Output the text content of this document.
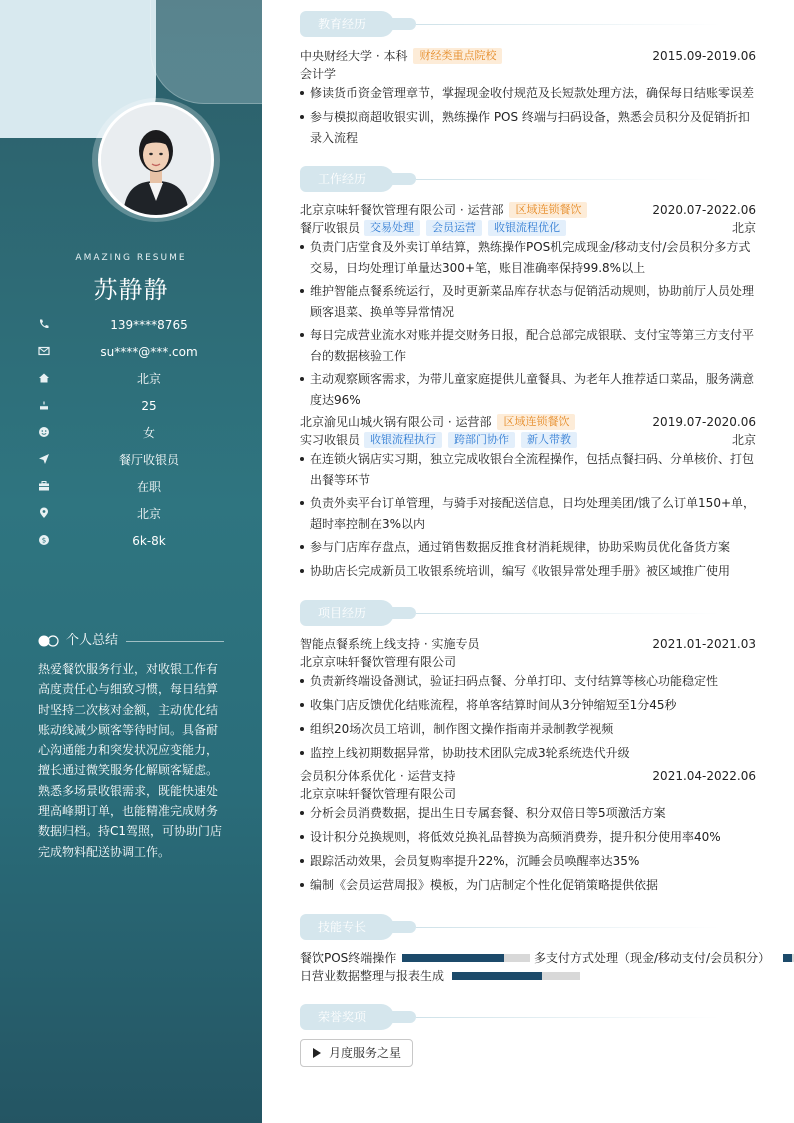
AMAZING RESUME
苏静静
139****8765
su****@***.com
北京
25
女
餐厅收银员
在职
北京
$	6k-8k
个人总结
热爱餐饮服务行业，对收银工作有
高度责任心与细致习惯，每日结算
时坚持二次核对金额，主动优化结
账动线减少顾客等待时间。具备耐
心沟通能力和突发状况应变能力，
擅长通过微笑服务化解顾客疑虑。
熟悉多场景收银需求，既能快速处
理高峰期订单，也能精准完成财务
数据归档。持C1驾照，可协助门店
完成物料配送协调工作。
教育经历
中央财经大学 · 本科 财经类重点院校	2015.09-2019.06
会计学
修读货币资金管理章节，掌握现金收付规范及长短款处理方法，确保每日结账零误差
参与模拟商超收银实训，熟练操作 POS 终端与扫码设备，熟悉会员积分及促销折扣
录入流程
工作经历
北京京味轩餐饮管理有限公司 · 运营部 区域连锁餐饮	2020.07-2022.06
餐厅收银员 交易处理 会员运营 收银流程优化	北京
负责门店堂食及外卖订单结算，熟练操作POS机完成现金/移动支付/会员积分多方式
交易，日均处理订单量达300+笔，账目准确率保持99.8%以上
维护智能点餐系统运行，及时更新菜品库存状态与促销活动规则，协助前厅人员处理
顾客退菜、换单等异常情况
每日完成营业流水对账并提交财务日报，配合总部完成银联、支付宝等第三方支付平
台的数据核验工作
主动观察顾客需求，为带儿童家庭提供儿童餐具、为老年人推荐适口菜品，服务满意
度达96%
北京渝见山城火锅有限公司 · 运营部 区域连锁餐饮	2019.07-2020.06
实习收银员 收银流程执行 跨部门协作 新人带教	北京
在连锁火锅店实习期，独立完成收银台全流程操作，包括点餐扫码、分单核价、打包
出餐等环节
负责外卖平台订单管理，与骑手对接配送信息，日均处理美团/饿了么订单150+单，
超时率控制在3%以内
参与门店库存盘点，通过销售数据反推食材消耗规律，协助采购员优化备货方案
协助店长完成新员工收银系统培训，编写《收银异常处理手册》被区域推广使用
项目经历
智能点餐系统上线支持 · 实施专员	2021.01-2021.03
北京京味轩餐饮管理有限公司
负责新终端设备测试，验证扫码点餐、分单打印、支付结算等核心功能稳定性
收集门店反馈优化结账流程，将单客结算时间从3分钟缩短至1分45秒
组织20场次员工培训，制作图文操作指南并录制教学视频
监控上线初期数据异常，协助技术团队完成3轮系统迭代升级
会员积分体系优化 · 运营支持	2021.04-2022.06
北京京味轩餐饮管理有限公司
分析会员消费数据，提出生日专属套餐、积分双倍日等5项激活方案
设计积分兑换规则，将低效兑换礼品替换为高频消费券，提升积分使用率40%
跟踪活动效果，会员复购率提升22%，沉睡会员唤醒率达35%
编制《会员运营周报》模板，为门店制定个性化促销策略提供依据
技能专长
餐饮POS终端操作	多支付方式处理（现金/移动支付/会员积分）
日营业数据整理与报表生成
荣誉奖项
月度服务之星
